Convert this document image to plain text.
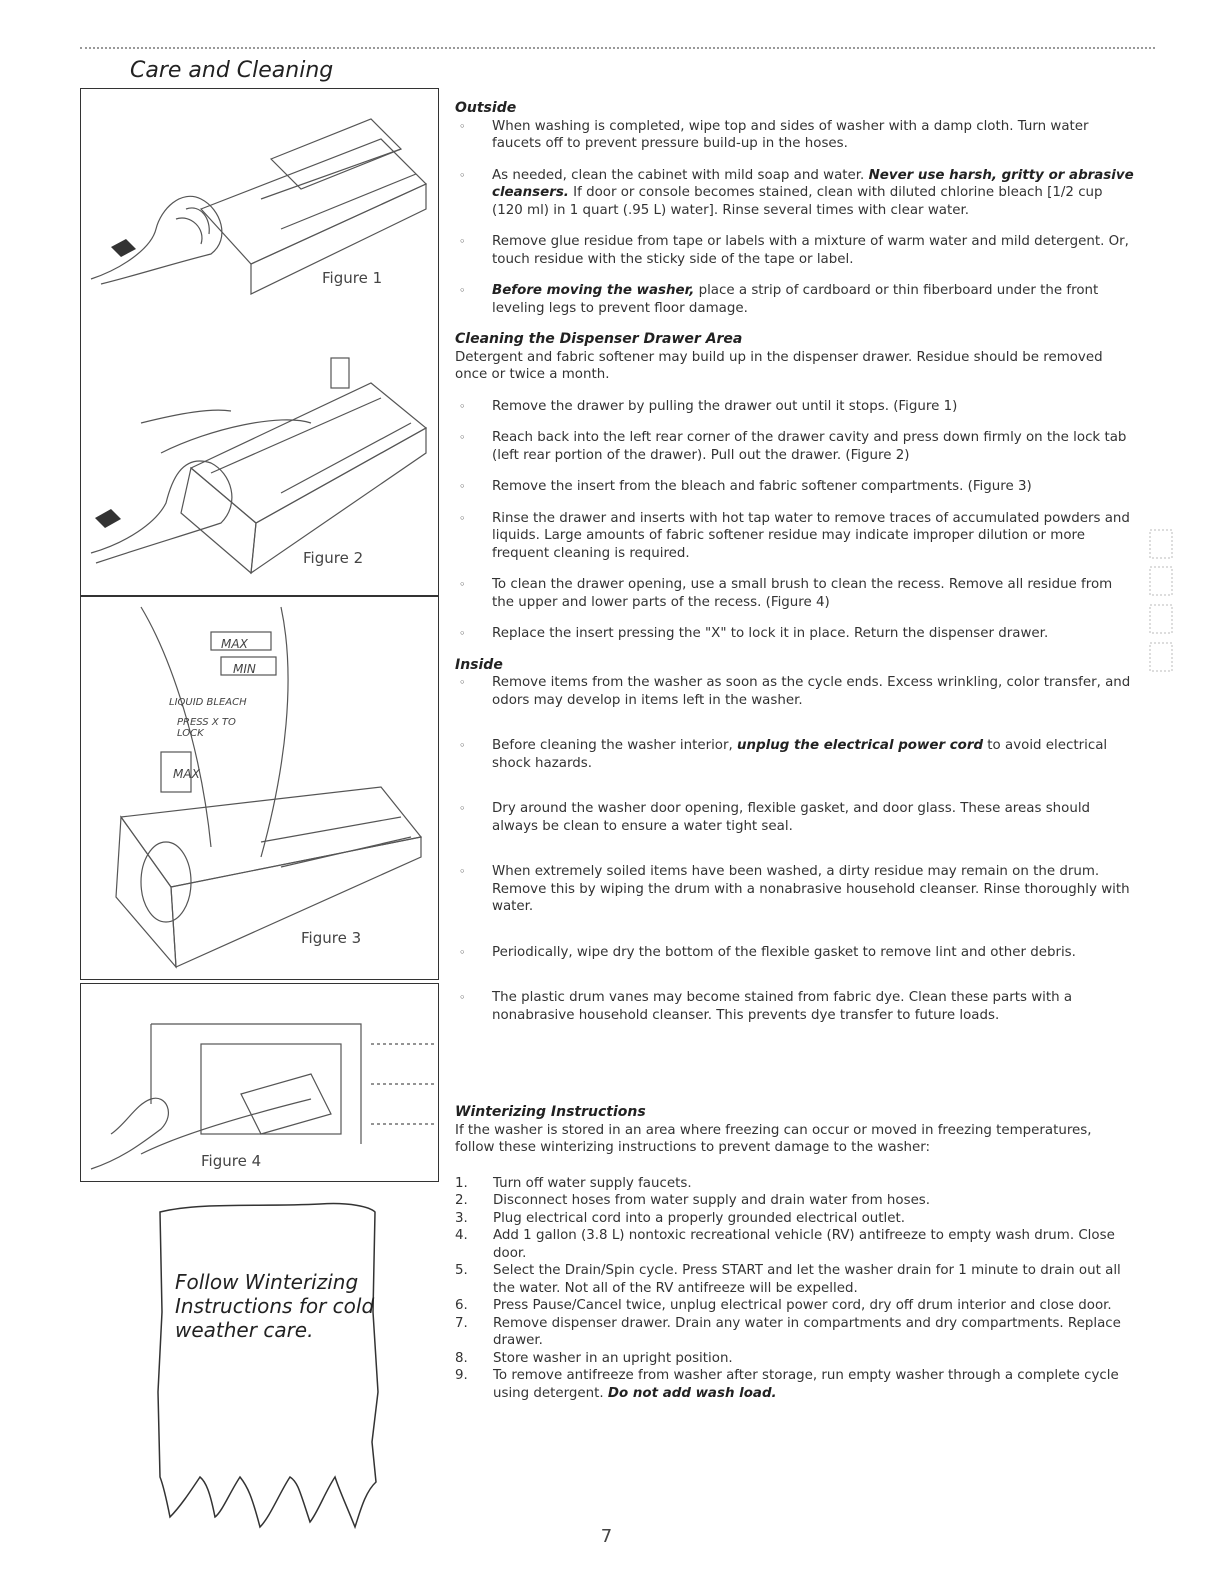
Care and Cleaning
Figure 1
Figure 2
MAX
MIN
LIQUID BLEACH
PRESS X TO LOCK
MAX
Figure 3
Figure 4
Follow Winterizing
Instructions for cold
weather care.
Outside
◦ When washing is completed, wipe top and sides of washer with a damp cloth. Turn water faucets off to prevent pressure build-up in the hoses.
◦ As needed, clean the cabinet with mild soap and water. Never use harsh, gritty or abrasive cleansers. If door or console becomes stained, clean with diluted chlorine bleach [1/2 cup (120 ml) in 1 quart (.95 L) water]. Rinse several times with clear water.
◦ Remove glue residue from tape or labels with a mixture of warm water and mild detergent. Or, touch residue with the sticky side of the tape or label.
◦ Before moving the washer, place a strip of cardboard or thin fiberboard under the front leveling legs to prevent floor damage.
Cleaning the Dispenser Drawer Area

Detergent and fabric softener may build up in the dispenser drawer. Residue should be removed once or twice a month.

◦ Remove the drawer by pulling the drawer out until it stops. (Figure 1)
◦ Reach back into the left rear corner of the drawer cavity and press down firmly on the lock tab (left rear portion of the drawer). Pull out the drawer. (Figure 2)
◦ Remove the insert from the bleach and fabric softener compartments. (Figure 3)
◦ Rinse the drawer and inserts with hot tap water to remove traces of accumulated powders and liquids. Large amounts of fabric softener residue may indicate improper dilution or more frequent cleaning is required.
◦ To clean the drawer opening, use a small brush to clean the recess. Remove all residue from the upper and lower parts of the recess. (Figure 4)
◦ Replace the insert pressing the "X" to lock it in place. Return the dispenser drawer.
Inside
◦ Remove items from the washer as soon as the cycle ends. Excess wrinkling, color transfer, and odors may develop in items left in the washer.
◦ Before cleaning the washer interior, unplug the electrical power cord to avoid electrical shock hazards.
◦ Dry around the washer door opening, flexible gasket, and door glass. These areas should always be clean to ensure a water tight seal.
◦ When extremely soiled items have been washed, a dirty residue may remain on the drum. Remove this by wiping the drum with a nonabrasive household cleanser. Rinse thoroughly with water.
◦ Periodically, wipe dry the bottom of the flexible gasket to remove lint and other debris.
◦ The plastic drum vanes may become stained from fabric dye. Clean these parts with a nonabrasive household cleanser. This prevents dye transfer to future loads.
Winterizing Instructions

If the washer is stored in an area where freezing can occur or moved in freezing temperatures, follow these winterizing instructions to prevent damage to the washer:

1. Turn off water supply faucets.
2. Disconnect hoses from water supply and drain water from hoses.
3. Plug electrical cord into a properly grounded electrical outlet.
4. Add 1 gallon (3.8 L) nontoxic recreational vehicle (RV) antifreeze to empty wash drum. Close door.
5. Select the Drain/Spin cycle. Press START and let the washer drain for 1 minute to drain out all the water. Not all of the RV antifreeze will be expelled.
6. Press Pause/Cancel twice, unplug electrical power cord, dry off drum interior and close door.
7. Remove dispenser drawer. Drain any water in compartments and dry compartments. Replace drawer.
8. Store washer in an upright position.
9. To remove antifreeze from washer after storage, run empty washer through a complete cycle using detergent. Do not add wash load.
7
